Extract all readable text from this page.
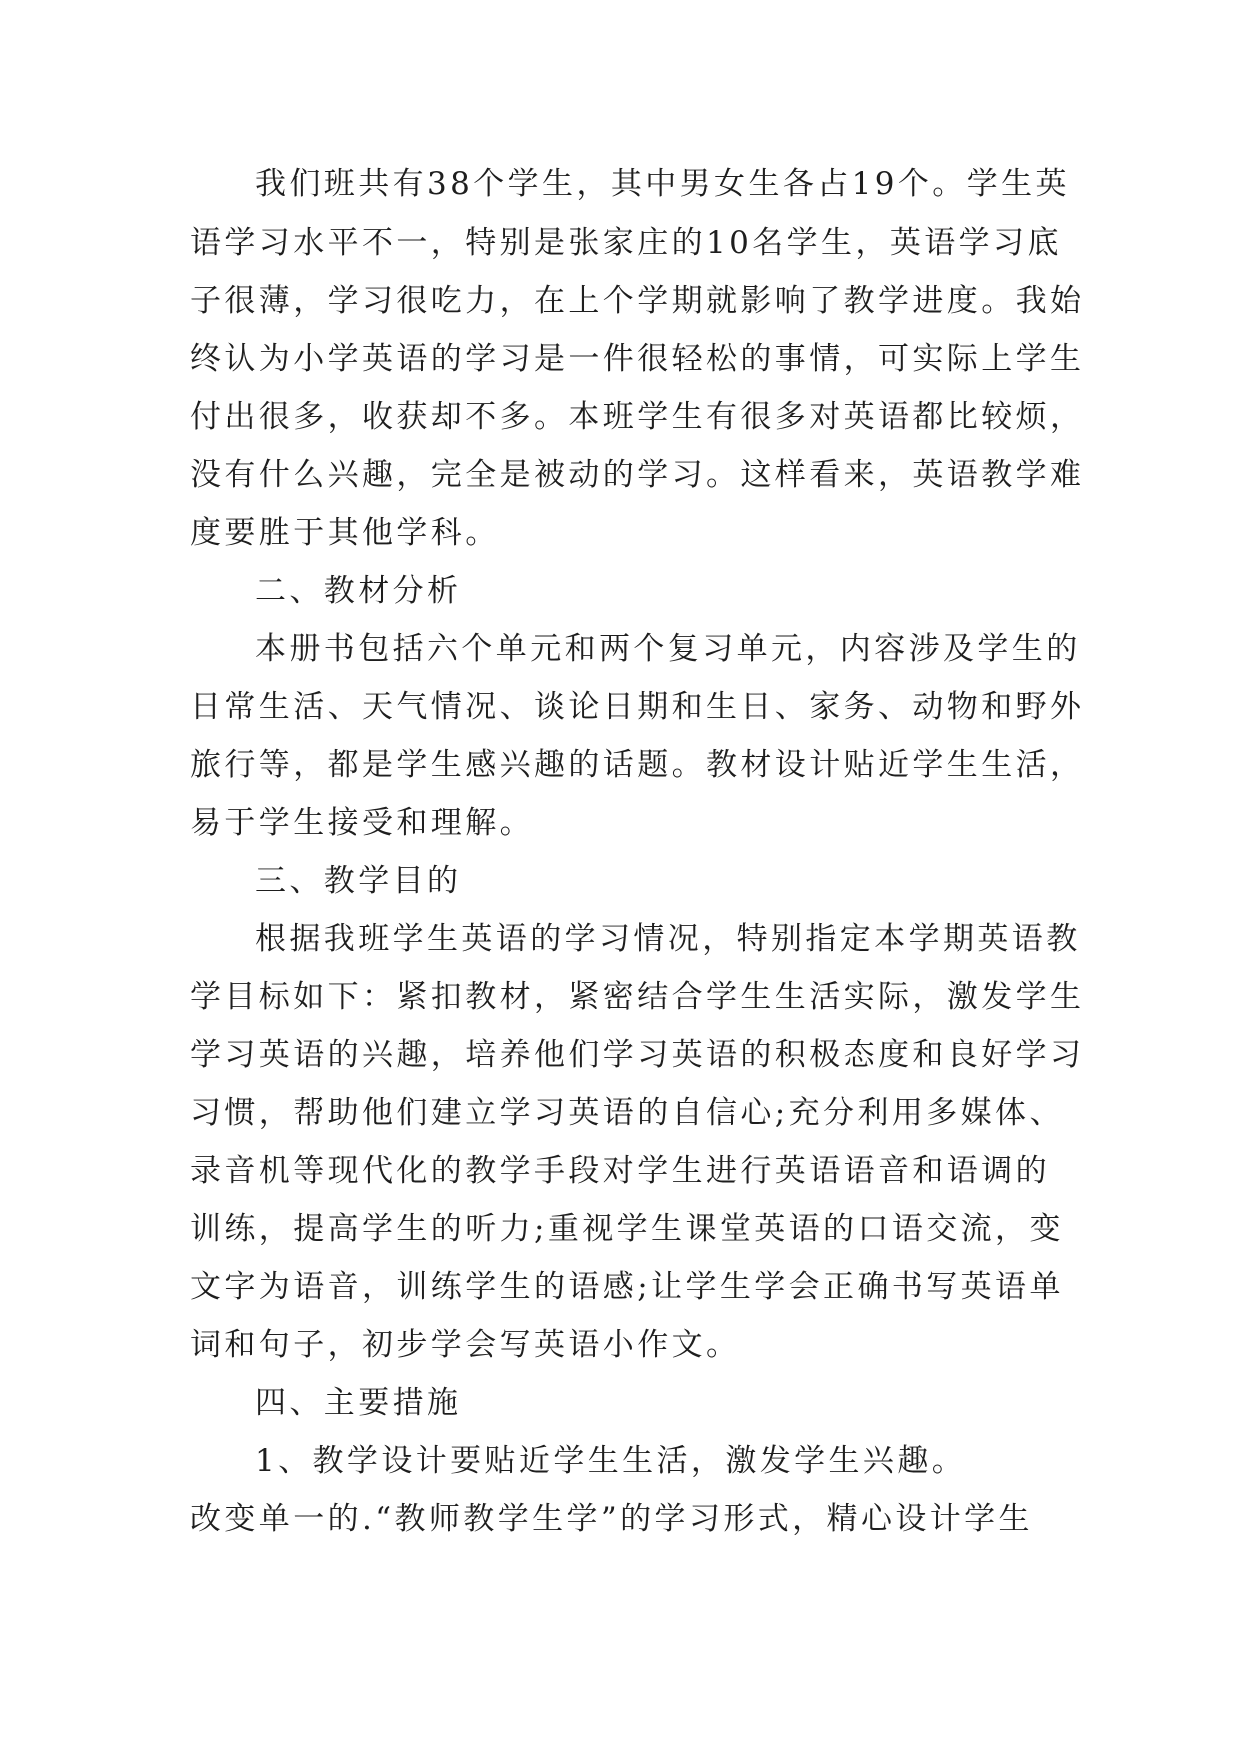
我们班共有38个学生，其中男女生各占19个。学生英
语学习水平不一，特别是张家庄的10名学生，英语学习底
子很薄，学习很吃力，在上个学期就影响了教学进度。我始
终认为小学英语的学习是一件很轻松的事情，可实际上学生
付出很多，收获却不多。本班学生有很多对英语都比较烦，
没有什么兴趣，完全是被动的学习。这样看来，英语教学难
度要胜于其他学科。
二、教材分析
本册书包括六个单元和两个复习单元，内容涉及学生的
日常生活、天气情况、谈论日期和生日、家务、动物和野外
旅行等，都是学生感兴趣的话题。教材设计贴近学生生活，
易于学生接受和理解。
三、教学目的
根据我班学生英语的学习情况，特别指定本学期英语教
学目标如下：紧扣教材，紧密结合学生生活实际，激发学生
学习英语的兴趣，培养他们学习英语的积极态度和良好学习
习惯，帮助他们建立学习英语的自信心;充分利用多媒体、
录音机等现代化的教学手段对学生进行英语语音和语调的
训练，提高学生的听力;重视学生课堂英语的口语交流，变
文字为语音，训练学生的语感;让学生学会正确书写英语单
词和句子，初步学会写英语小作文。
四、主要措施
1、教学设计要贴近学生生活，激发学生兴趣。
改变单一的.“教师教学生学”的学习形式，精心设计学生
